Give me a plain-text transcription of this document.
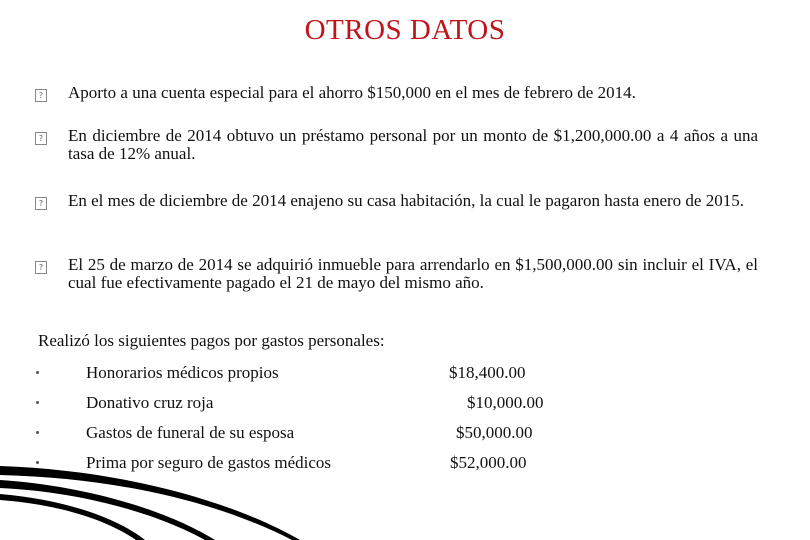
OTROS DATOS
? Aporto a una cuenta especial para el ahorro $150,000 en el mes de febrero de 2014.
? En diciembre de 2014 obtuvo un préstamo personal por un monto de $1,200,000.00 a 4 años a una tasa de 12% anual.
? En el mes de diciembre de 2014 enajeno su casa habitación, la cual le pagaron hasta enero de 2015.
? El 25 de marzo de 2014 se adquirió inmueble para arrendarlo en $1,500,000.00 sin incluir el IVA, el cual fue efectivamente pagado el 21 de mayo del mismo año.
Realizó los siguientes pagos por gastos personales:
Honorarios médicos propios	$18,400.00
Donativo cruz roja	$10,000.00
Gastos de funeral de su esposa	$50,000.00
Prima por seguro de gastos médicos	$52,000.00
